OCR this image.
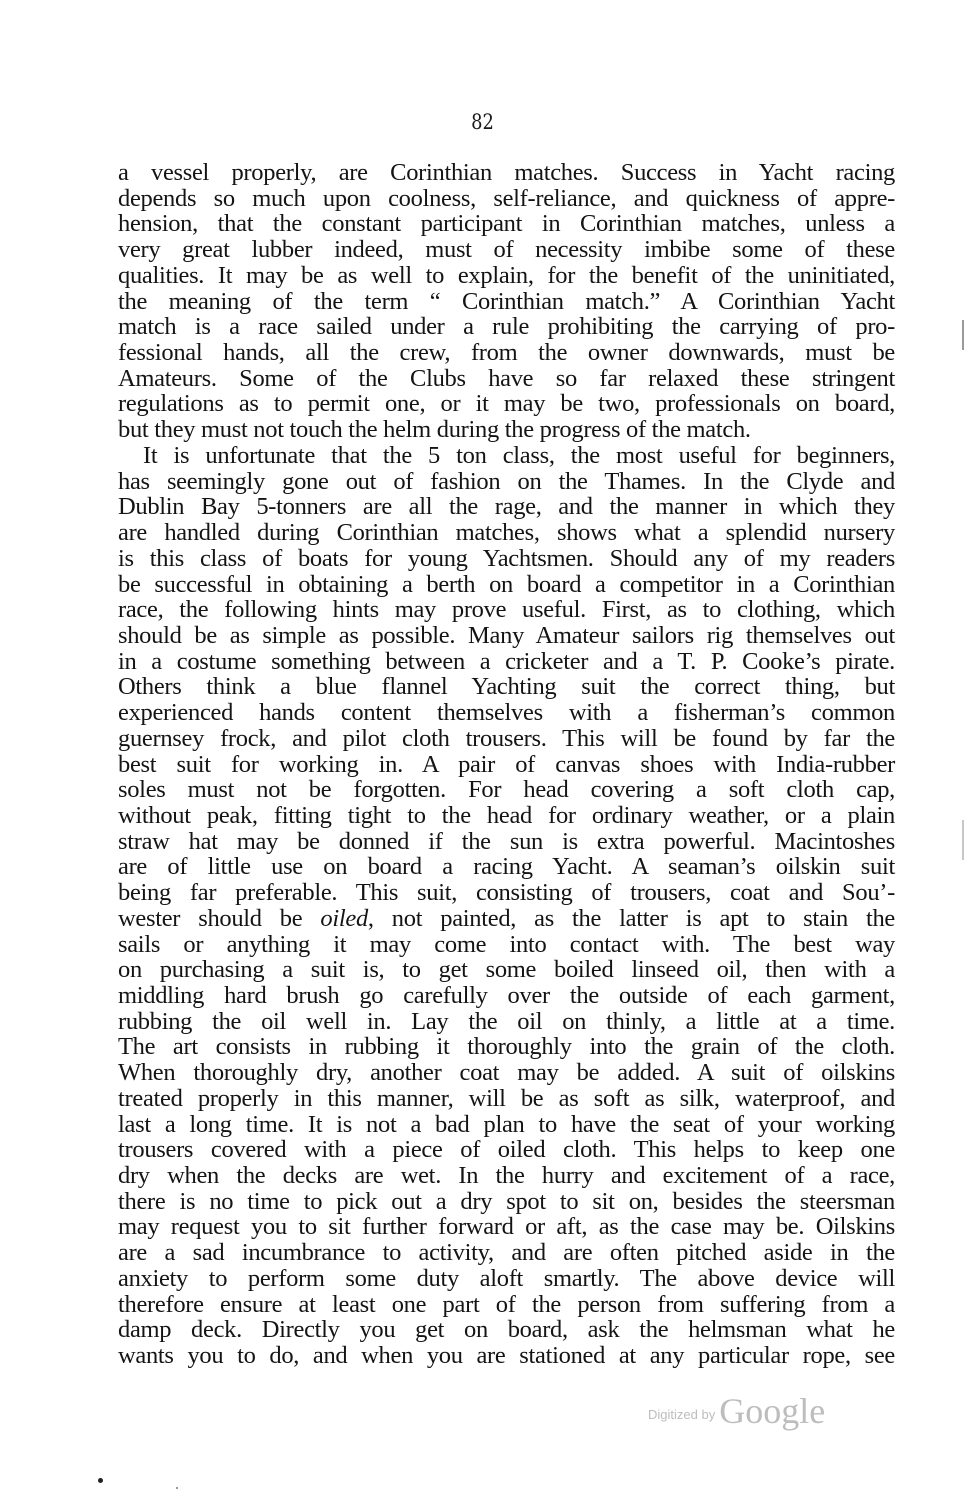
82
a vessel properly, are Corinthian matches. Success in Yacht racing
depends so much upon coolness, self-reliance, and quickness of appre-
hension, that the constant participant in Corinthian matches, unless a
very great lubber indeed, must of necessity imbibe some of these
qualities. It may be as well to explain, for the benefit of the uninitiated,
the meaning of the term “ Corinthian match.” A Corinthian Yacht
match is a race sailed under a rule prohibiting the carrying of pro-
fessional hands, all the crew, from the owner downwards, must be
Amateurs. Some of the Clubs have so far relaxed these stringent
regulations as to permit one, or it may be two, professionals on board,
but they must not touch the helm during the progress of the match.
It is unfortunate that the 5 ton class, the most useful for beginners,
has seemingly gone out of fashion on the Thames. In the Clyde and
Dublin Bay 5-tonners are all the rage, and the manner in which they
are handled during Corinthian matches, shows what a splendid nursery
is this class of boats for young Yachtsmen. Should any of my readers
be successful in obtaining a berth on board a competitor in a Corinthian
race, the following hints may prove useful. First, as to clothing, which
should be as simple as possible. Many Amateur sailors rig themselves out
in a costume something between a cricketer and a T. P. Cooke’s pirate.
Others think a blue flannel Yachting suit the correct thing, but
experienced hands content themselves with a fisherman’s common
guernsey frock, and pilot cloth trousers. This will be found by far the
best suit for working in. A pair of canvas shoes with India-rubber
soles must not be forgotten. For head covering a soft cloth cap,
without peak, fitting tight to the head for ordinary weather, or a plain
straw hat may be donned if the sun is extra powerful. Macintoshes
are of little use on board a racing Yacht. A seaman’s oilskin suit
being far preferable. This suit, consisting of trousers, coat and Sou’-
wester should be oiled, not painted, as the latter is apt to stain the
sails or anything it may come into contact with. The best way
on purchasing a suit is, to get some boiled linseed oil, then with a
middling hard brush go carefully over the outside of each garment,
rubbing the oil well in. Lay the oil on thinly, a little at a time.
The art consists in rubbing it thoroughly into the grain of the cloth.
When thoroughly dry, another coat may be added. A suit of oilskins
treated properly in this manner, will be as soft as silk, waterproof, and
last a long time. It is not a bad plan to have the seat of your working
trousers covered with a piece of oiled cloth. This helps to keep one
dry when the decks are wet. In the hurry and excitement of a race,
there is no time to pick out a dry spot to sit on, besides the steersman
may request you to sit further forward or aft, as the case may be. Oilskins
are a sad incumbrance to activity, and are often pitched aside in the
anxiety to perform some duty aloft smartly. The above device will
therefore ensure at least one part of the person from suffering from a
damp deck. Directly you get on board, ask the helmsman what he
wants you to do, and when you are stationed at any particular rope, see
$^{Digitized by}$ Google
